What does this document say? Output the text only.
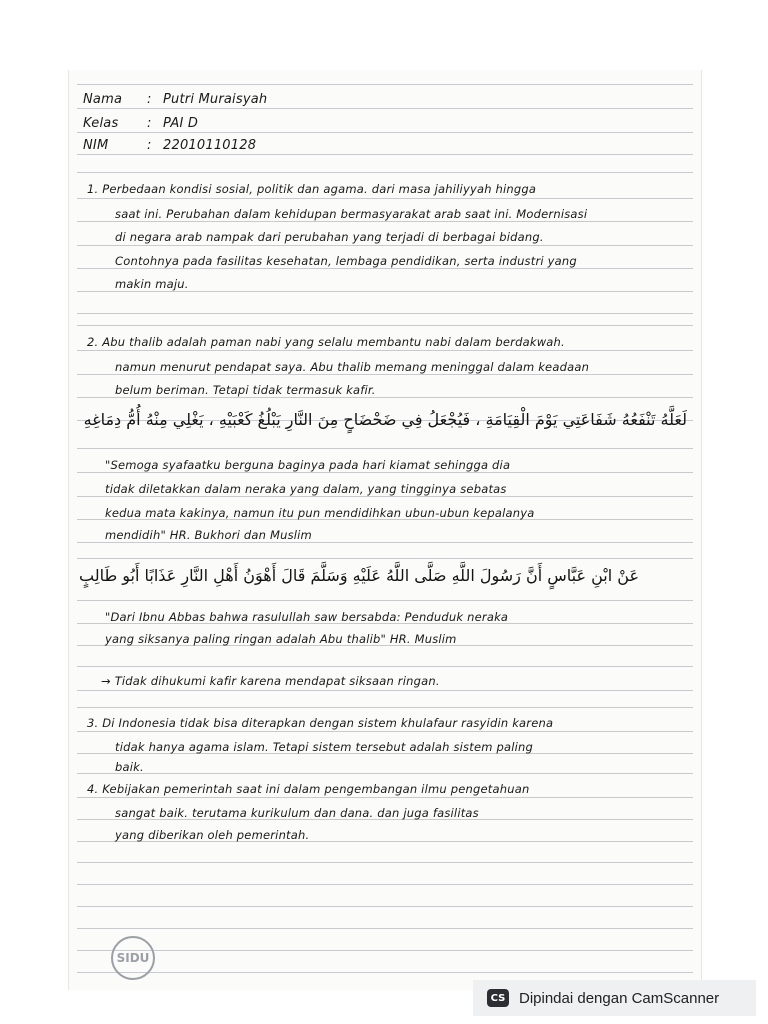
Nama : Putri Muraisyah
Kelas : PAI D
NIM	: 22010110128
1. Perbedaan kondisi sosial, politik dan agama. dari masa jahiliyyah hingga
saat ini. Perubahan dalam kehidupan bermasyarakat arab saat ini. Modernisasi
di negara arab nampak dari perubahan yang terjadi di berbagai bidang.
Contohnya pada fasilitas kesehatan, lembaga pendidikan, serta industri yang
makin maju.
2. Abu thalib adalah paman nabi yang selalu membantu nabi dalam berdakwah.
namun menurut pendapat saya. Abu thalib memang meninggal dalam keadaan
belum beriman. Tetapi tidak termasuk kafir.
لَعَلَّهُ تَنْفَعُهُ شَفَاعَتِي يَوْمَ الْقِيَامَةِ ، فَيُجْعَلُ فِي ضَحْضَاحٍ مِنَ النَّارِ يَبْلُغُ كَعْبَيْهِ ، يَغْلِي مِنْهُ أُمُّ دِمَاغِهِ
"Semoga syafaatku berguna baginya pada hari kiamat sehingga dia
tidak diletakkan dalam neraka yang dalam, yang tingginya sebatas
kedua mata kakinya, namun itu pun mendidihkan ubun-ubun kepalanya
mendidih" HR. Bukhori dan Muslim
عَنْ ابْنِ عَبَّاسٍ أَنَّ رَسُولَ اللَّهِ صَلَّى اللَّهُ عَلَيْهِ وَسَلَّمَ قَالَ أَهْوَنُ أَهْلِ النَّارِ عَذَابًا أَبُو طَالِبٍ
"Dari Ibnu Abbas bahwa rasulullah saw bersabda: Penduduk neraka
yang siksanya paling ringan adalah Abu thalib" HR. Muslim
→ Tidak dihukumi kafir karena mendapat siksaan ringan.
3. Di Indonesia tidak bisa diterapkan dengan sistem khulafaur rasyidin karena
tidak hanya agama islam. Tetapi sistem tersebut adalah sistem paling
baik.
4. Kebijakan pemerintah saat ini dalam pengembangan ilmu pengetahuan
sangat baik. terutama kurikulum dan dana. dan juga fasilitas
yang diberikan oleh pemerintah.
SIDU
CS Dipindai dengan CamScanner
